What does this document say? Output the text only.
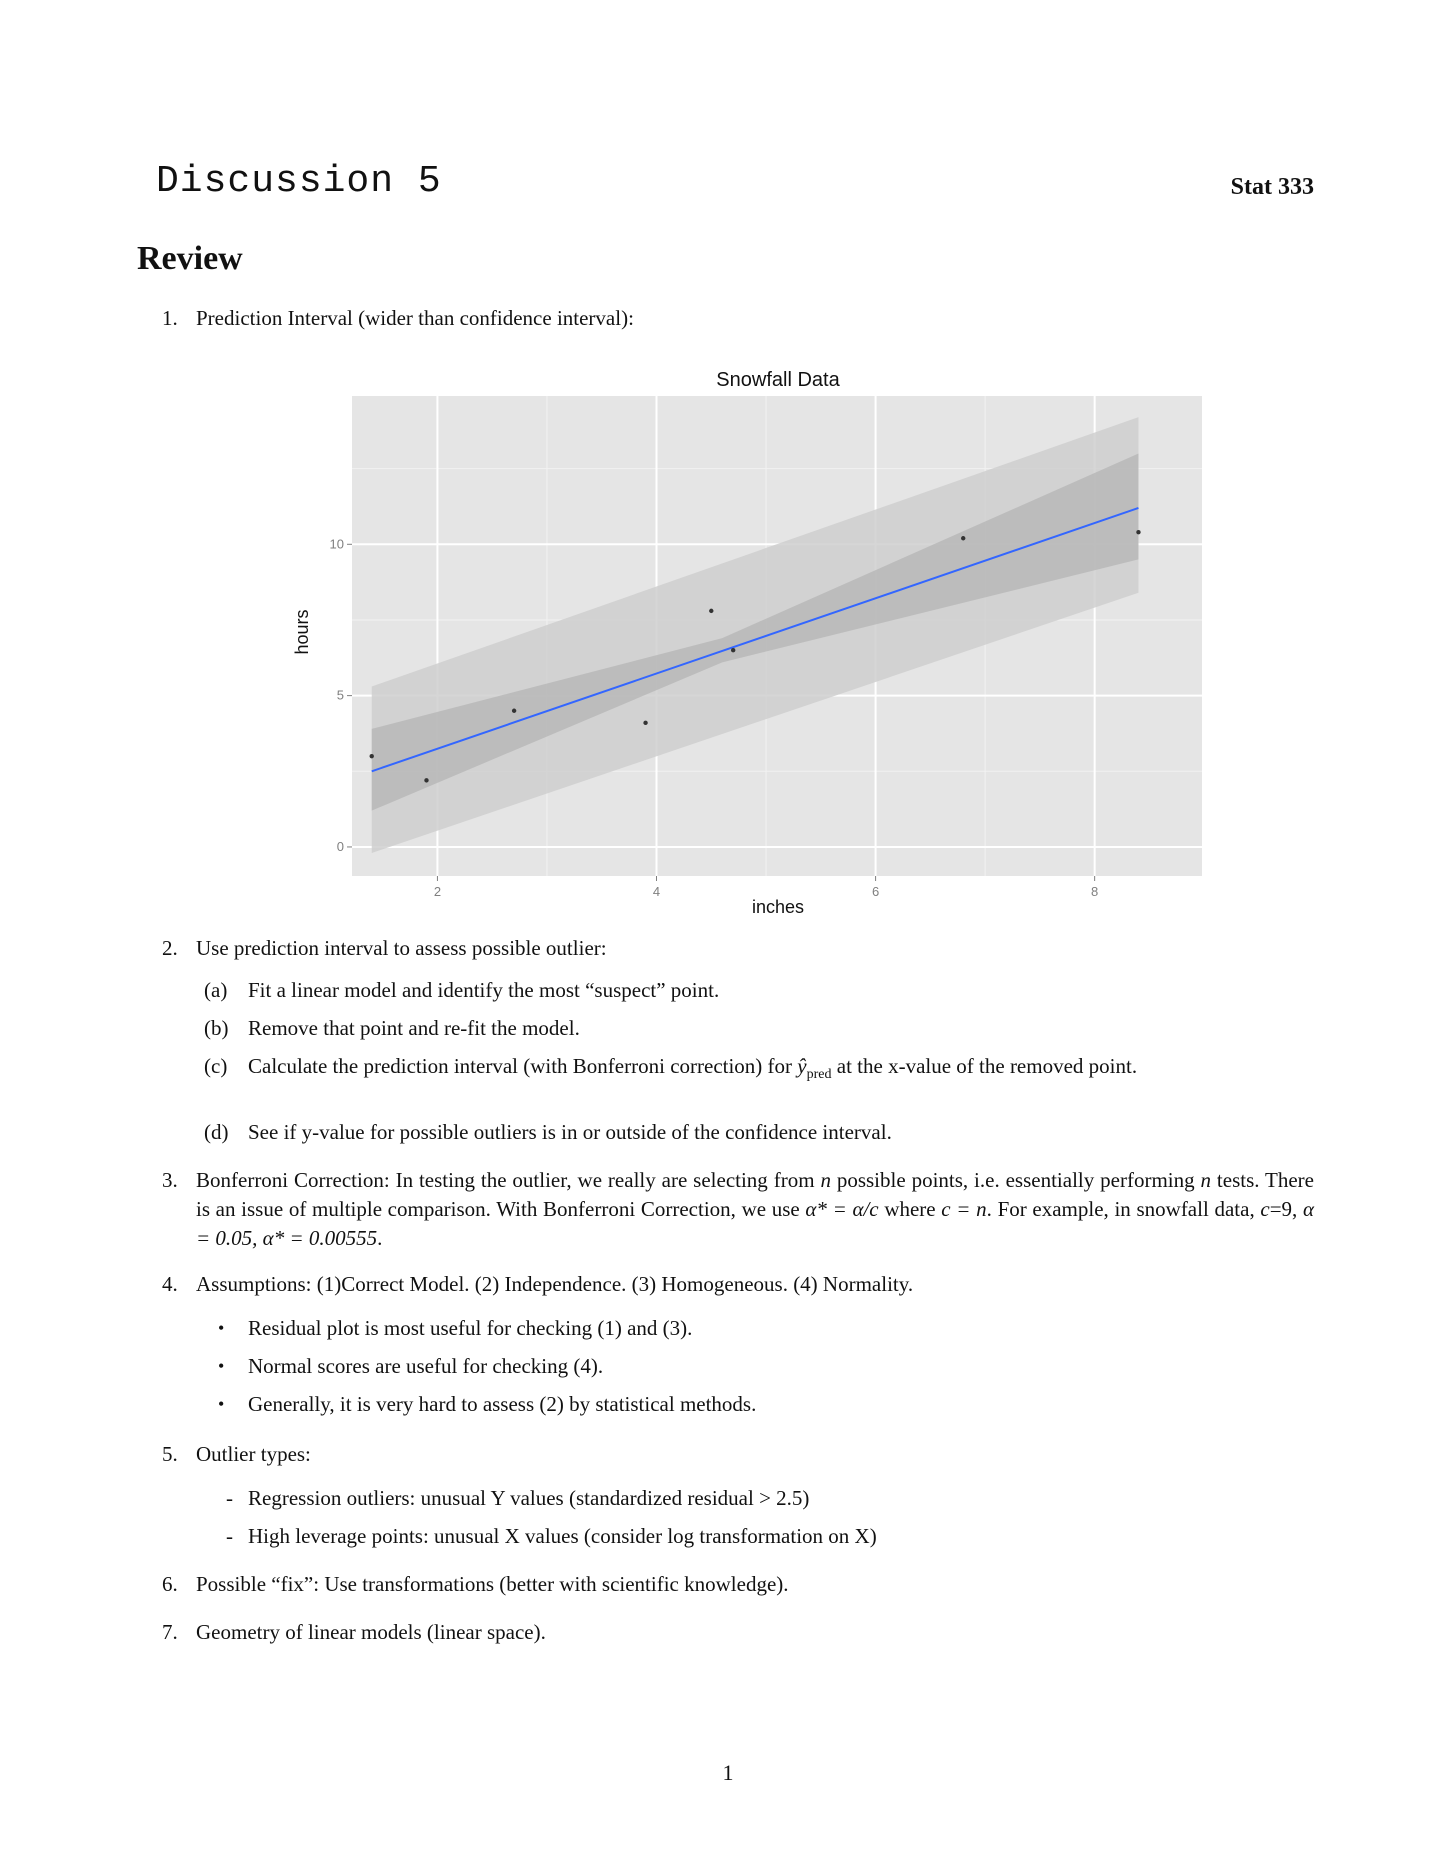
Discussion 5	Stat 333
Review
1. Prediction Interval (wider than confidence interval):
Snowfall Data
2	4	6	8
0
5
10
inches
hours
2. Use prediction interval to assess possible outlier:
(a) Fit a linear model and identify the most “suspect” point.
(b) Remove that point and re-fit the model.
(c) Calculate the prediction interval (with Bonferroni correction) for $ŷ_{pred}$ at the x-value of the removed point.
(d) See if y-value for possible outliers is in or outside of the confidence interval.
3. Bonferroni Correction: In testing the outlier, we really are selecting from n possible points, i.e. essentially performing n tests. There is an issue of multiple comparison. With Bonferroni Correction, we use α* = α/c where c = n. For example, in snowfall data, c=9, α = 0.05, α* = 0.00555.
4. Assumptions: (1)Correct Model. (2) Independence. (3) Homogeneous. (4) Normality.
• Residual plot is most useful for checking (1) and (3).
• Normal scores are useful for checking (4).
• Generally, it is very hard to assess (2) by statistical methods.
5. Outlier types:
- Regression outliers: unusual Y values (standardized residual > 2.5)
- High leverage points: unusual X values (consider log transformation on X)
6. Possible “fix”: Use transformations (better with scientific knowledge).
7. Geometry of linear models (linear space).
1
